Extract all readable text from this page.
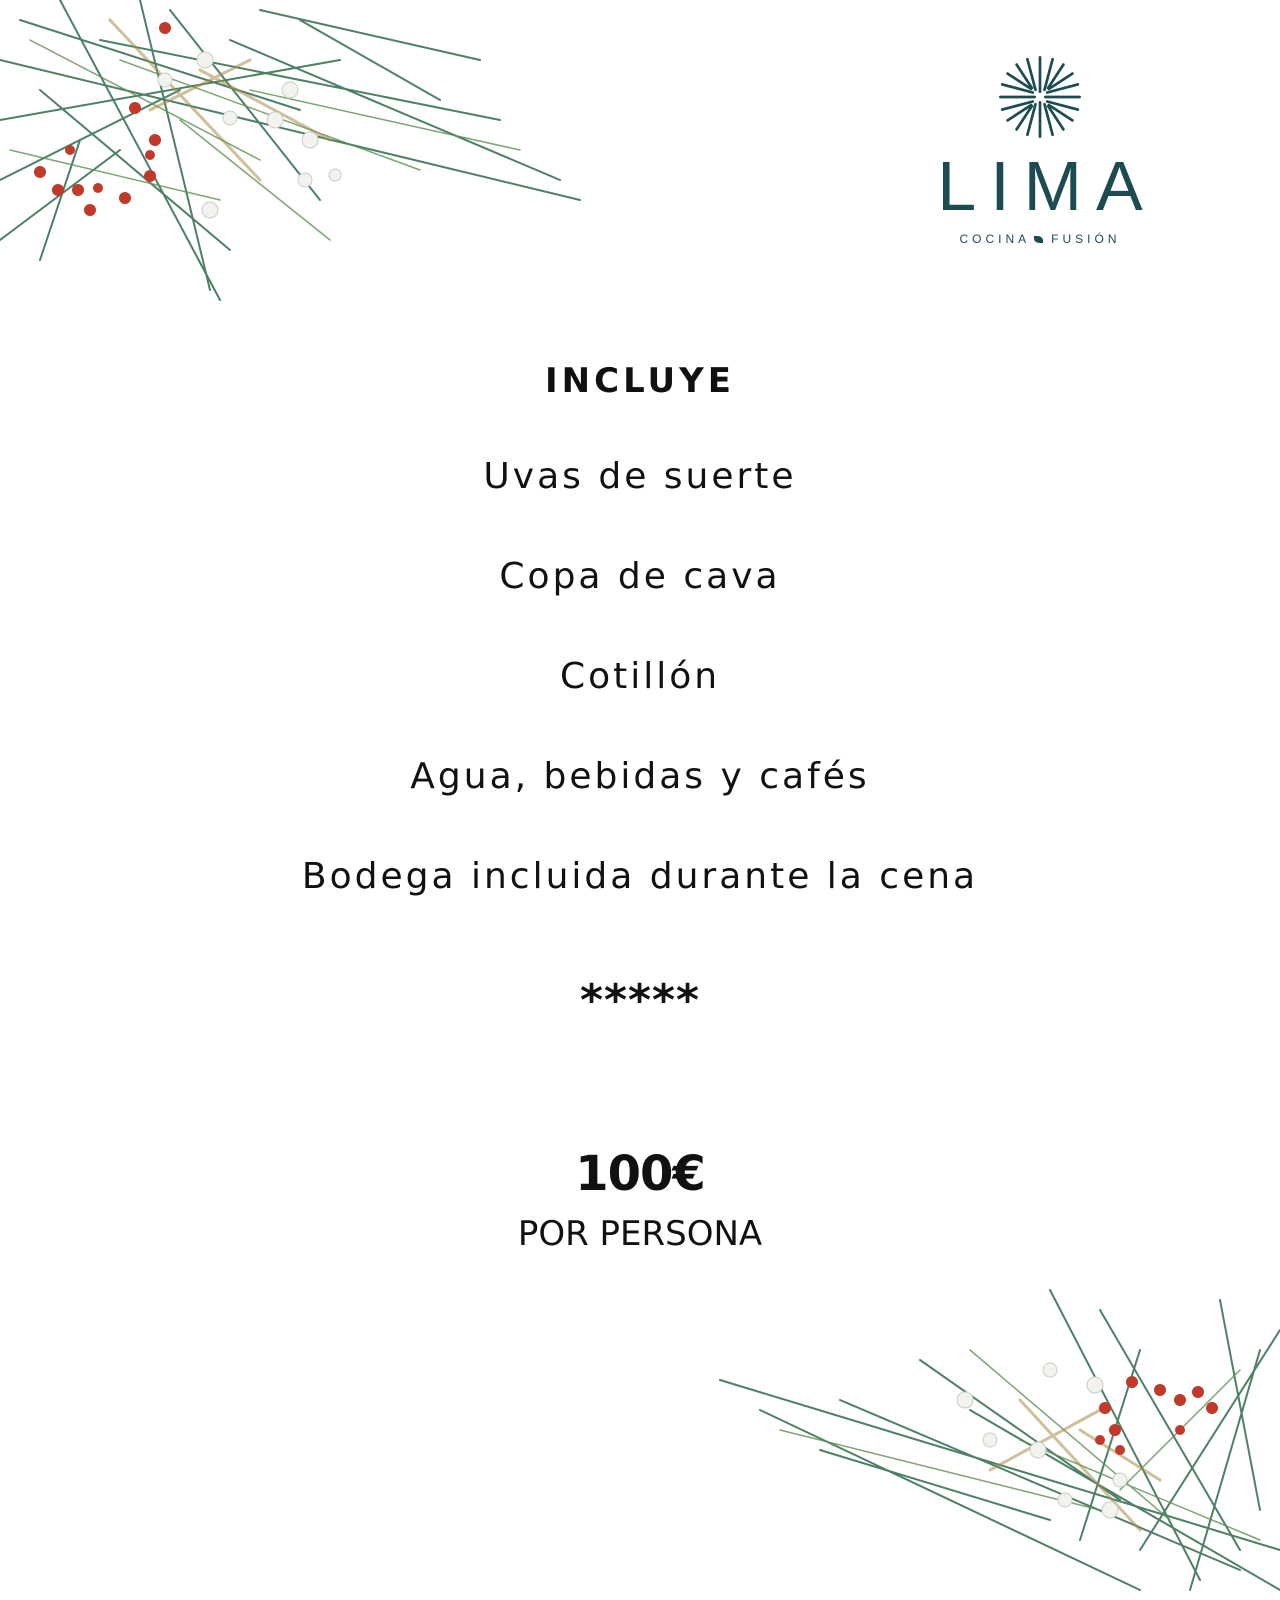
LIMA
COCINA FUSIÓN
INCLUYE
Uvas de suerte
Copa de cava
Cotillón
Agua, bebidas y cafés
Bodega incluida durante la cena
*****
100€
POR PERSONA
